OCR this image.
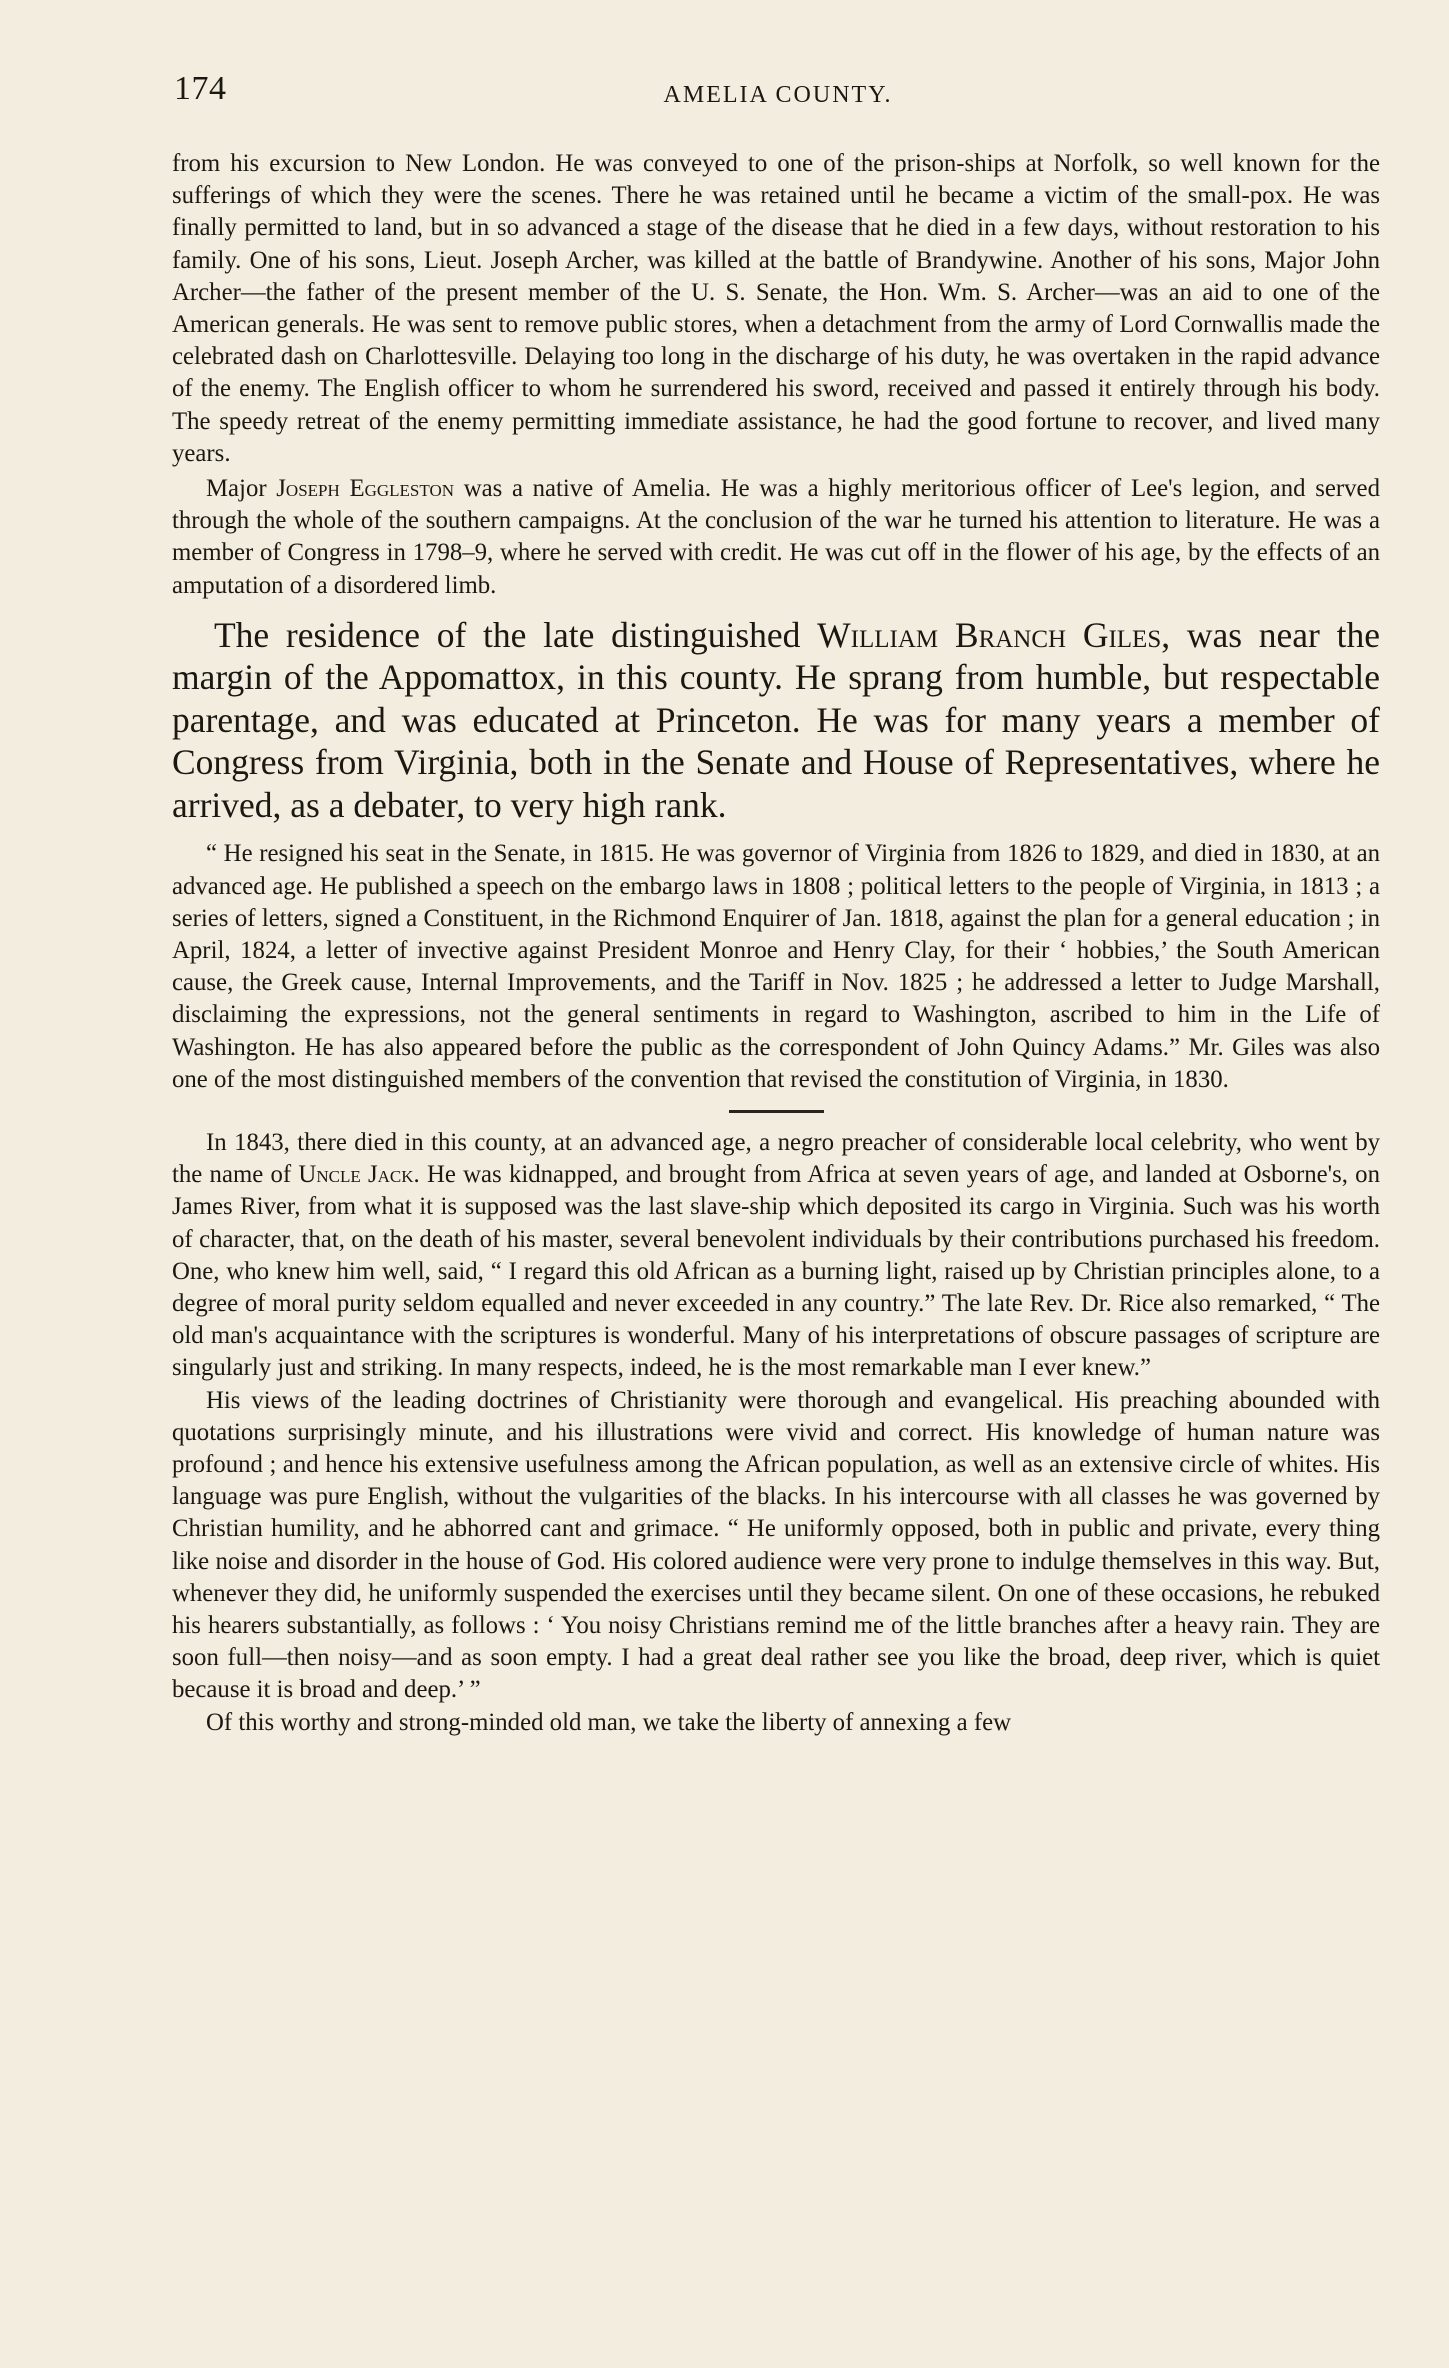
174	AMELIA COUNTY.

from his excursion to New London. He was conveyed to one of the prison-ships at Norfolk, so well known for the sufferings of which they were the scenes. There he was retained until he became a victim of the small-pox. He was finally permitted to land, but in so advanced a stage of the disease that he died in a few days, without restoration to his family. One of his sons, Lieut. Joseph Archer, was killed at the battle of Brandywine. Another of his sons, Major John Archer—the father of the present member of the U. S. Senate, the Hon. Wm. S. Archer—was an aid to one of the American generals. He was sent to remove public stores, when a detachment from the army of Lord Cornwallis made the celebrated dash on Charlottesville. Delaying too long in the discharge of his duty, he was overtaken in the rapid advance of the enemy. The English officer to whom he surrendered his sword, received and passed it entirely through his body. The speedy retreat of the enemy permitting immediate assistance, he had the good fortune to recover, and lived many years.

Major Joseph Eggleston was a native of Amelia. He was a highly meritorious officer of Lee's legion, and served through the whole of the southern campaigns. At the conclusion of the war he turned his attention to literature. He was a member of Congress in 1798–9, where he served with credit. He was cut off in the flower of his age, by the effects of an amputation of a disordered limb.

The residence of the late distinguished William Branch Giles, was near the margin of the Appomattox, in this county. He sprang from humble, but respectable parentage, and was educated at Princeton. He was for many years a member of Congress from Virginia, both in the Senate and House of Representatives, where he arrived, as a debater, to very high rank.

“ He resigned his seat in the Senate, in 1815. He was governor of Virginia from 1826 to 1829, and died in 1830, at an advanced age. He published a speech on the embargo laws in 1808 ; political letters to the people of Virginia, in 1813 ; a series of letters, signed a Constituent, in the Richmond Enquirer of Jan. 1818, against the plan for a general education ; in April, 1824, a letter of invective against President Monroe and Henry Clay, for their ‘ hobbies,’ the South American cause, the Greek cause, Internal Improvements, and the Tariff in Nov. 1825 ; he addressed a letter to Judge Marshall, disclaiming the expressions, not the general sentiments in regard to Washington, ascribed to him in the Life of Washington. He has also appeared before the public as the correspondent of John Quincy Adams.” Mr. Giles was also one of the most distinguished members of the convention that revised the constitution of Virginia, in 1830.

In 1843, there died in this county, at an advanced age, a negro preacher of considerable local celebrity, who went by the name of Uncle Jack. He was kidnapped, and brought from Africa at seven years of age, and landed at Osborne's, on James River, from what it is supposed was the last slave-ship which deposited its cargo in Virginia. Such was his worth of character, that, on the death of his master, several benevolent individuals by their contributions purchased his freedom. One, who knew him well, said, “ I regard this old African as a burning light, raised up by Christian principles alone, to a degree of moral purity seldom equalled and never exceeded in any country.” The late Rev. Dr. Rice also remarked, “ The old man's acquaintance with the scriptures is wonderful. Many of his interpretations of obscure passages of scripture are singularly just and striking. In many respects, indeed, he is the most remarkable man I ever knew.”

His views of the leading doctrines of Christianity were thorough and evangelical. His preaching abounded with quotations surprisingly minute, and his illustrations were vivid and correct. His knowledge of human nature was profound ; and hence his extensive usefulness among the African population, as well as an extensive circle of whites. His language was pure English, without the vulgarities of the blacks. In his intercourse with all classes he was governed by Christian humility, and he abhorred cant and grimace. “ He uniformly opposed, both in public and private, every thing like noise and disorder in the house of God. His colored audience were very prone to indulge themselves in this way. But, whenever they did, he uniformly suspended the exercises until they became silent. On one of these occasions, he rebuked his hearers substantially, as follows : ‘ You noisy Christians remind me of the little branches after a heavy rain. They are soon full—then noisy—and as soon empty. I had a great deal rather see you like the broad, deep river, which is quiet because it is broad and deep.’ ”

Of this worthy and strong-minded old man, we take the liberty of annexing a few
